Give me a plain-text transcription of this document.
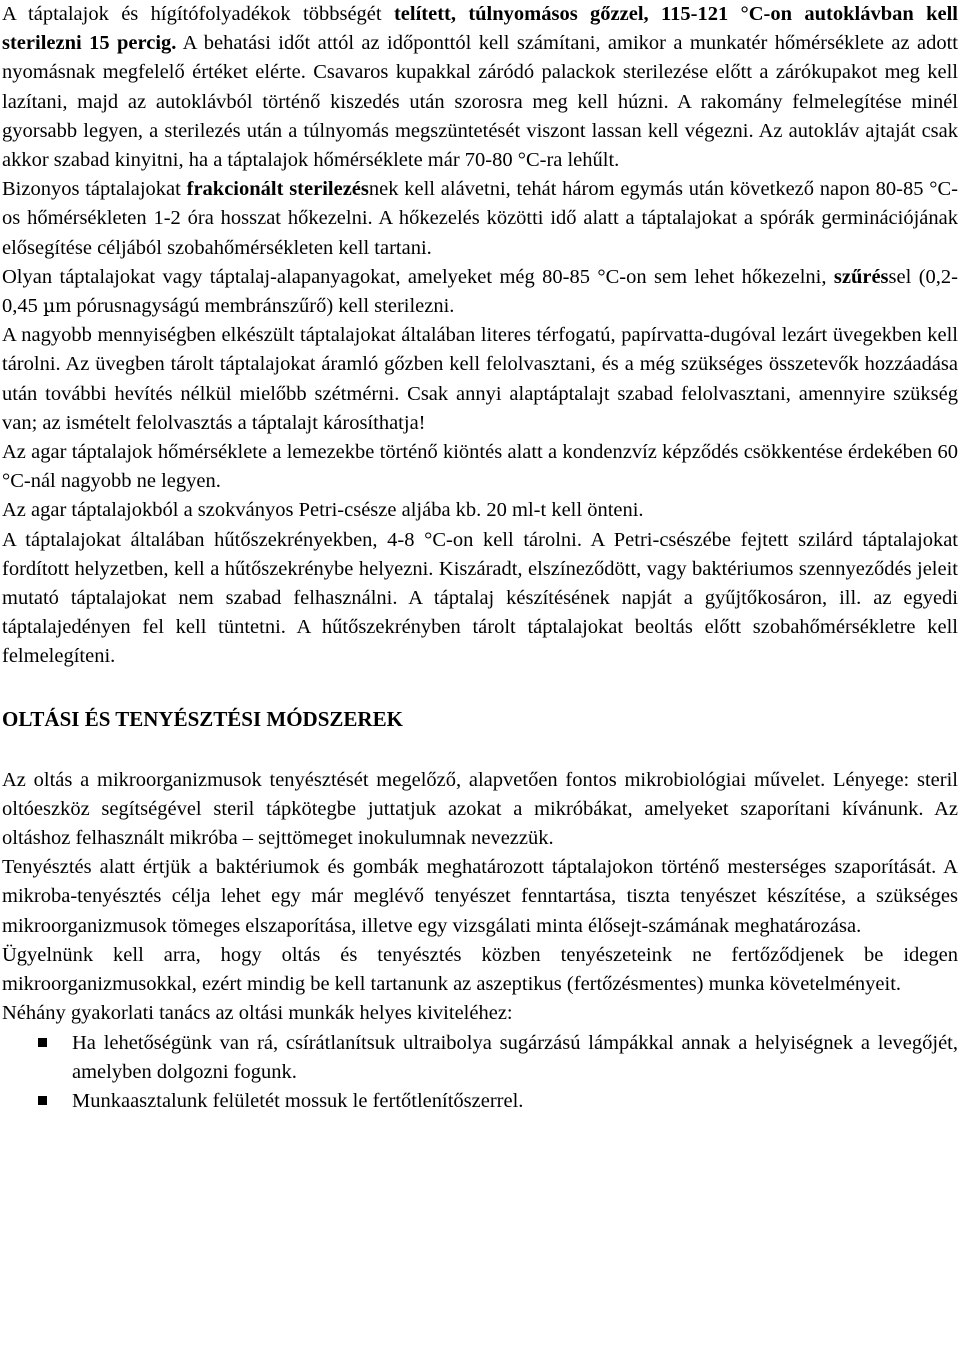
A táptalajok és hígítófolyadékok többségét telített, túlnyomásos gőzzel, 115-121 °C-on autoklávban kell sterilezni 15 percig. A behatási időt attól az időponttól kell számítani, amikor a munkatér hőmérséklete az adott nyomásnak megfelelő értéket elérte. Csavaros kupakkal záródó palackok sterilezése előtt a zárókupakot meg kell lazítani, majd az autoklávból történő kiszedés után szorosra meg kell húzni. A rakomány felmelegítése minél gyorsabb legyen, a sterilezés után a túlnyomás megszüntetését viszont lassan kell végezni. Az autokláv ajtaját csak akkor szabad kinyitni, ha a táptalajok hőmérséklete már 70-80 °C-ra lehűlt.

Bizonyos táptalajokat frakcionált sterilezésnek kell alávetni, tehát három egymás után következő napon 80-85 °C-os hőmérsékleten 1-2 óra hosszat hőkezelni. A hőkezelés közötti idő alatt a táptalajokat a spórák germinációjának elősegítése céljából szobahőmérsékleten kell tartani.

Olyan táptalajokat vagy táptalaj-alapanyagokat, amelyeket még 80-85 °C-on sem lehet hőkezelni, szűréssel (0,2-0,45 µm pórusnagyságú membránszűrő) kell sterilezni.

A nagyobb mennyiségben elkészült táptalajokat általában literes térfogatú, papírvatta-dugóval lezárt üvegekben kell tárolni. Az üvegben tárolt táptalajokat áramló gőzben kell felolvasztani, és a még szükséges összetevők hozzáadása után további hevítés nélkül mielőbb szétmérni. Csak annyi alaptáptalajt szabad felolvasztani, amennyire szükség van; az ismételt felolvasztás a táptalajt károsíthatja!

Az agar táptalajok hőmérséklete a lemezekbe történő kiöntés alatt a kondenzvíz képződés csökkentése érdekében 60 °C-nál nagyobb ne legyen.

Az agar táptalajokból a szokványos Petri-csésze aljába kb. 20 ml-t kell önteni.

A táptalajokat általában hűtőszekrényekben, 4-8 °C-on kell tárolni. A Petri-csészébe fejtett szilárd táptalajokat fordított helyzetben, kell a hűtőszekrénybe helyezni. Kiszáradt, elszíneződött, vagy baktériumos szennyeződés jeleit mutató táptalajokat nem szabad felhasználni. A táptalaj készítésének napját a gyűjtőkosáron, ill. az egyedi táptalajedényen fel kell tüntetni. A hűtőszekrényben tárolt táptalajokat beoltás előtt szobahőmérsékletre kell felmelegíteni.

OLTÁSI ÉS TENYÉSZTÉSI MÓDSZEREK

Az oltás a mikroorganizmusok tenyésztését megelőző, alapvetően fontos mikrobiológiai művelet. Lényege: steril oltóeszköz segítségével steril tápkötegbe juttatjuk azokat a mikróbákat, amelyeket szaporítani kívánunk. Az oltáshoz felhasznált mikróba – sejttömeget inokulumnak nevezzük.

Tenyésztés alatt értjük a baktériumok és gombák meghatározott táptalajokon történő mesterséges szaporítását. A mikroba-tenyésztés célja lehet egy már meglévő tenyészet fenntartása, tiszta tenyészet készítése, a szükséges mikroorganizmusok tömeges elszaporítása, illetve egy vizsgálati minta élősejt-számának meghatározása.

Ügyelnünk kell arra, hogy oltás és tenyésztés közben tenyészeteink ne fertőződjenek be idegen mikroorganizmusokkal, ezért mindig be kell tartanunk az aszeptikus (fertőzésmentes) munka követelményeit.

Néhány gyakorlati tanács az oltási munkák helyes kiviteléhez:

Ha lehetőségünk van rá, csírátlanítsuk ultraibolya sugárzású lámpákkal annak a helyiségnek a levegőjét, amelyben dolgozni fogunk.
Munkaasztalunk felületét mossuk le fertőtlenítőszerrel.
